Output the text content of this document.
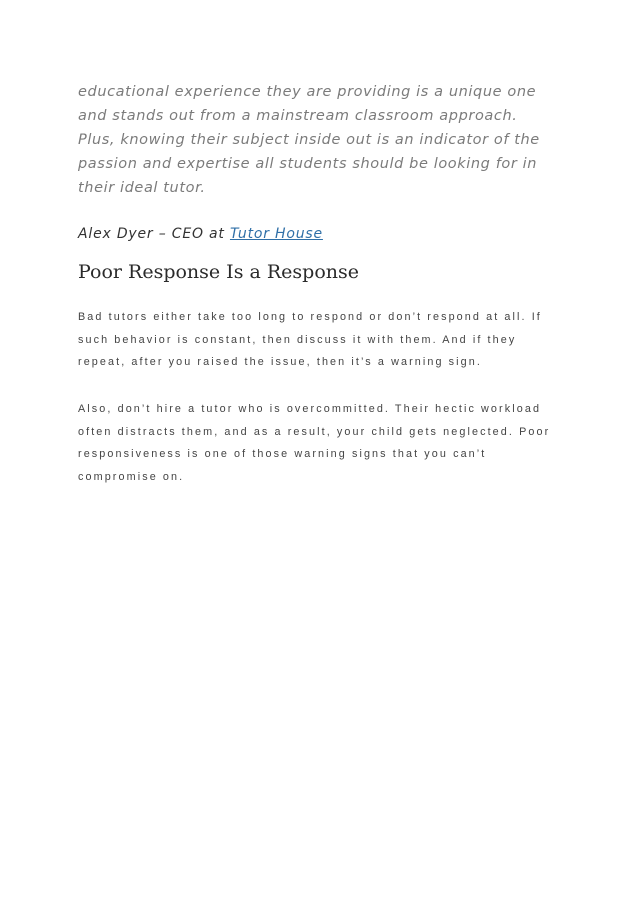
educational experience they are providing is a unique one and stands out from a mainstream classroom approach. Plus, knowing their subject inside out is an indicator of the passion and expertise all students should be looking for in their ideal tutor.

Alex Dyer – CEO at Tutor House

Poor Response Is a Response

Bad tutors either take too long to respond or don’t respond at all. If such behavior is constant, then discuss it with them. And if they repeat, after you raised the issue, then it’s a warning sign.

Also, don’t hire a tutor who is overcommitted. Their hectic workload often distracts them, and as a result, your child gets neglected. Poor responsiveness is one of those warning signs that you can’t compromise on.
